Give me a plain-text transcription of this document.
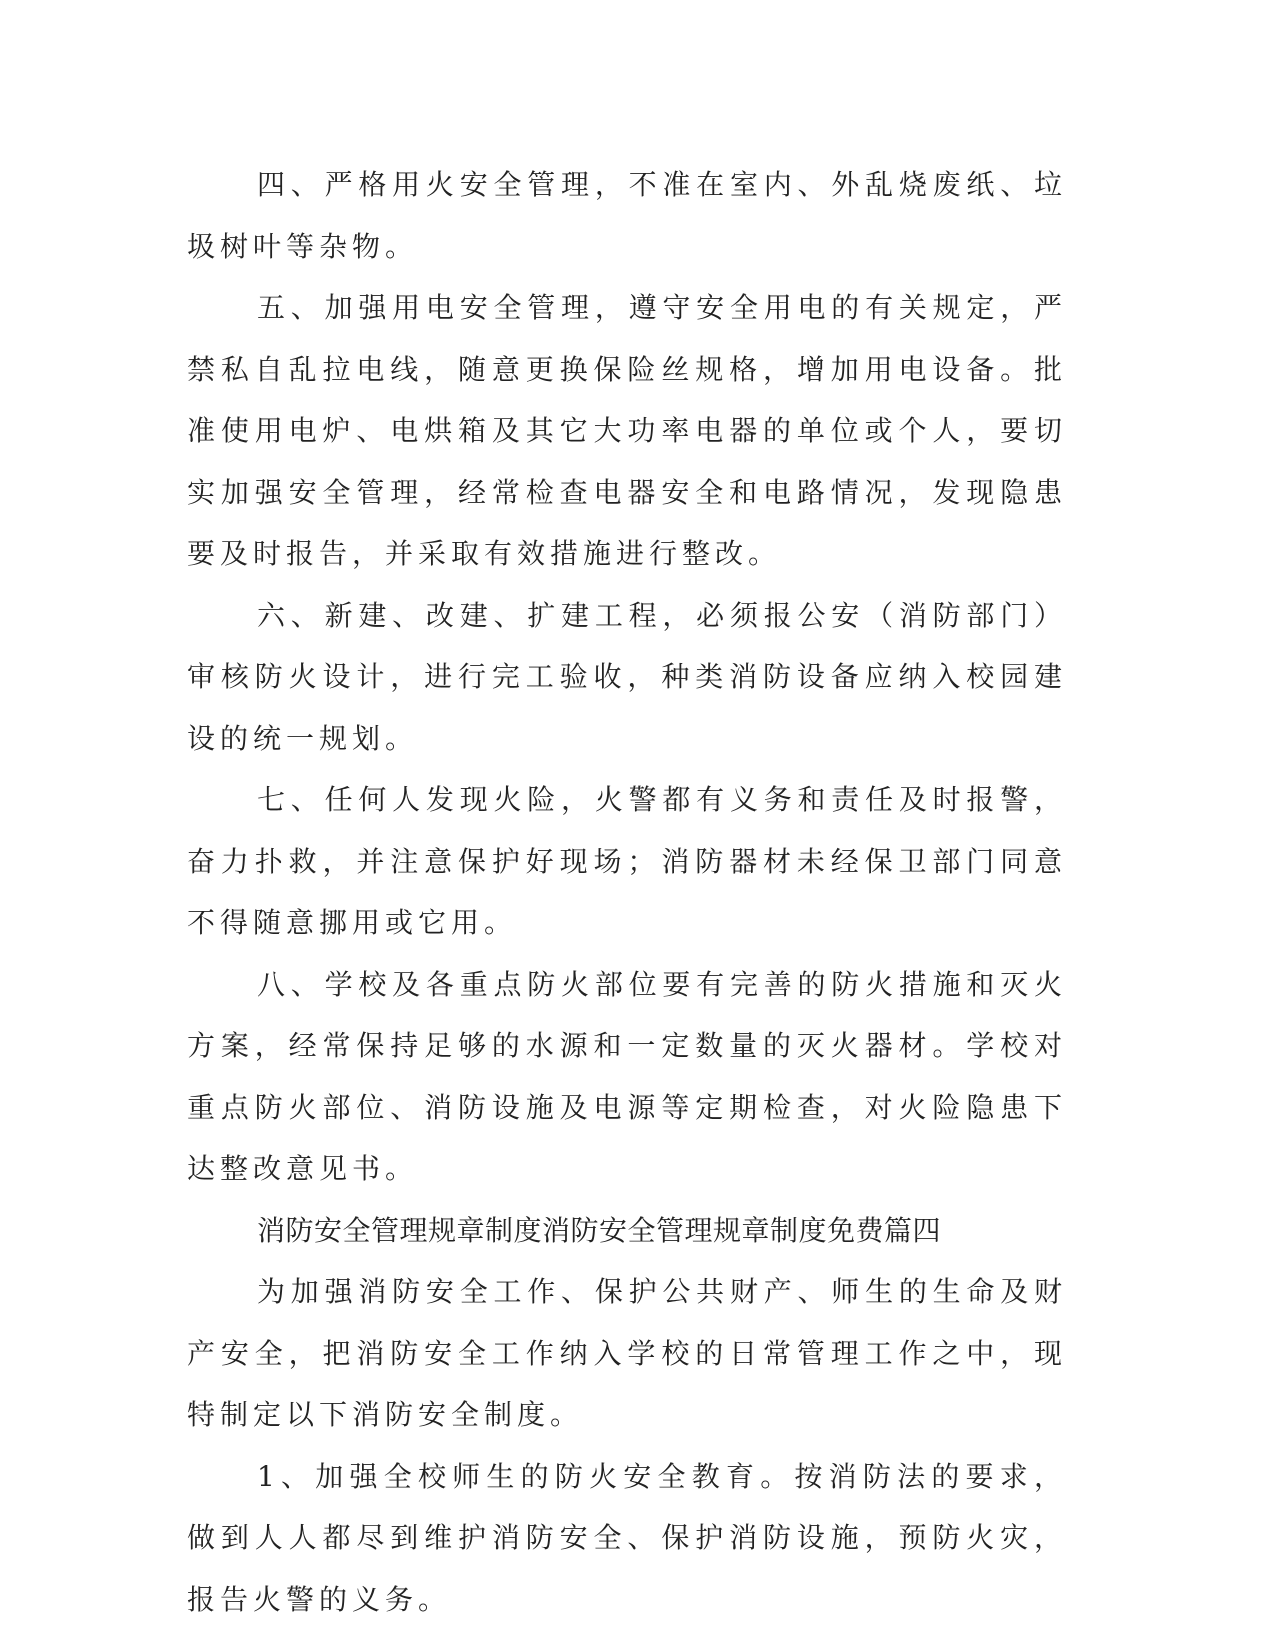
四、严格用火安全管理，不准在室内、外乱烧废纸、垃圾树叶等杂物。

五、加强用电安全管理，遵守安全用电的有关规定，严禁私自乱拉电线，随意更换保险丝规格，增加用电设备。批准使用电炉、电烘箱及其它大功率电器的单位或个人，要切实加强安全管理，经常检查电器安全和电路情况，发现隐患要及时报告，并采取有效措施进行整改。

六、新建、改建、扩建工程，必须报公安（消防部门）审核防火设计，进行完工验收，种类消防设备应纳入校园建设的统一规划。

七、任何人发现火险，火警都有义务和责任及时报警，奋力扑救，并注意保护好现场；消防器材未经保卫部门同意不得随意挪用或它用。

八、学校及各重点防火部位要有完善的防火措施和灭火方案，经常保持足够的水源和一定数量的灭火器材。学校对重点防火部位、消防设施及电源等定期检查，对火险隐患下达整改意见书。

消防安全管理规章制度消防安全管理规章制度免费篇四

为加强消防安全工作、保护公共财产、师生的生命及财产安全，把消防安全工作纳入学校的日常管理工作之中，现特制定以下消防安全制度。

1、加强全校师生的防火安全教育。按消防法的要求，做到人人都尽到维护消防安全、保护消防设施，预防火灾，报告火警的义务。
